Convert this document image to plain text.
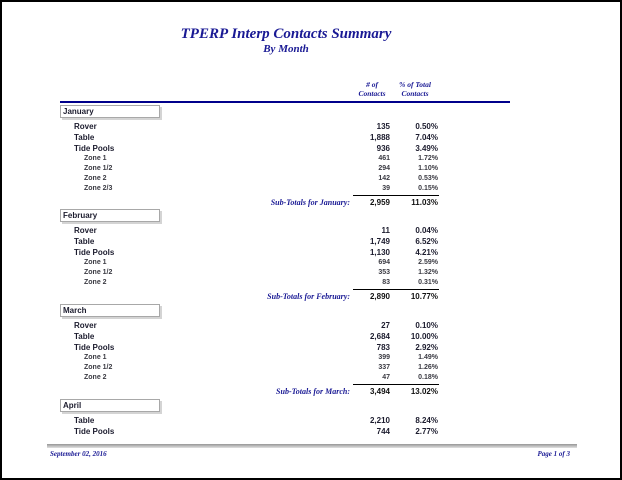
TPERP Interp Contacts Summary
By Month
# of
Contacts
% of Total
Contacts
January
Rover	135	0.50%
Table	1,888	7.04%
Tide Pools	936	3.49%
Zone 1	461	1.72%
Zone 1/2	294	1.10%
Zone 2	142	0.53%
Zone 2/3	39	0.15%
Sub-Totals for January:	2,959	11.03%
February
Rover	11	0.04%
Table	1,749	6.52%
Tide Pools	1,130	4.21%
Zone 1	694	2.59%
Zone 1/2	353	1.32%
Zone 2	83	0.31%
Sub-Totals for February:	2,890	10.77%
March
Rover	27	0.10%
Table	2,684	10.00%
Tide Pools	783	2.92%
Zone 1	399	1.49%
Zone 1/2	337	1.26%
Zone 2	47	0.18%
Sub-Totals for March:	3,494	13.02%
April
Table	2,210	8.24%
Tide Pools	744	2.77%
September 02, 2016	Page 1 of 3
